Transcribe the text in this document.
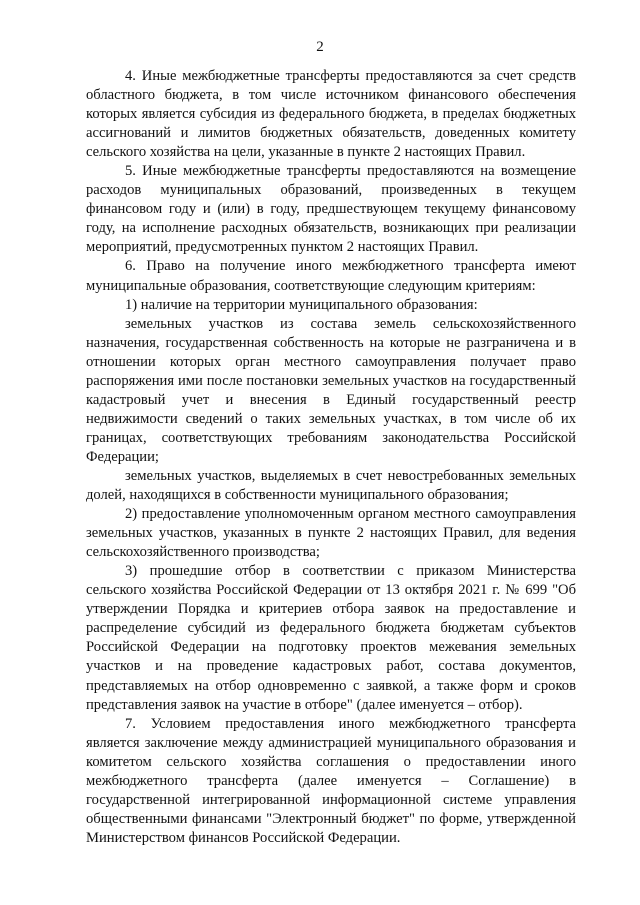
2

4. Иные межбюджетные трансферты предоставляются за счет средств областного бюджета, в том числе источником финансового обеспечения которых является субсидия из федерального бюджета, в пределах бюджетных ассигнований и лимитов бюджетных обязательств, доведенных комитету сельского хозяйства на цели, указанные в пункте 2 настоящих Правил.

5. Иные межбюджетные трансферты предоставляются на возмещение расходов муниципальных образований, произведенных в текущем финансовом году и (или) в году, предшествующем текущему финансовому году, на исполнение расходных обязательств, возникающих при реализации мероприятий, предусмотренных пунктом 2 настоящих Правил.

6. Право на получение иного межбюджетного трансферта имеют муниципальные образования, соответствующие следующим критериям:

1) наличие на территории муниципального образования:

земельных участков из состава земель сельскохозяйственного назначения, государственная собственность на которые не разграничена и в отношении которых орган местного самоуправления получает право распоряжения ими после постановки земельных участков на государственный кадастровый учет и внесения в Единый государственный реестр недвижимости сведений о таких земельных участках, в том числе об их границах, соответствующих требованиям законодательства Российской Федерации;

земельных участков, выделяемых в счет невостребованных земельных долей, находящихся в собственности муниципального образования;

2) предоставление уполномоченным органом местного самоуправления земельных участков, указанных в пункте 2 настоящих Правил, для ведения сельскохозяйственного производства;

3) прошедшие отбор в соответствии с приказом Министерства сельского хозяйства Российской Федерации от 13 октября 2021 г. № 699 "Об утверждении Порядка и критериев отбора заявок на предоставление и распределение субсидий из федерального бюджета бюджетам субъектов Российской Федерации на подготовку проектов межевания земельных участков и на проведение кадастровых работ, состава документов, представляемых на отбор одновременно с заявкой, а также форм и сроков представления заявок на участие в отборе" (далее именуется – отбор).

7. Условием предоставления иного межбюджетного трансферта является заключение между администрацией муниципального образования и комитетом сельского хозяйства соглашения о предоставлении иного межбюджетного трансферта (далее именуется – Соглашение) в государственной интегрированной информационной системе управления общественными финансами "Электронный бюджет" по форме, утвержденной Министерством финансов Российской Федерации.
